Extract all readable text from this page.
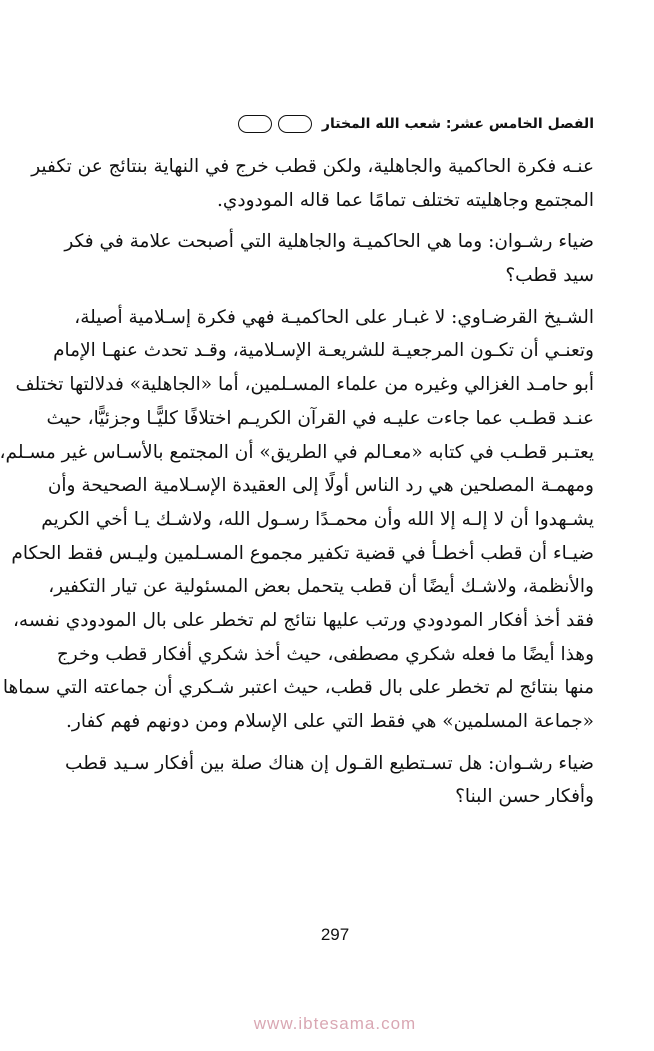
الفصل الخامس عشر: شعب الله المختار
عنـه فكرة الحاكمية والجاهلية، ولكن قطب خرج في النهاية بنتائج عن تكفير
المجتمع وجاهليته تختلف تمامًا عما قاله المودودي.
ضياء رشـوان: وما هي الحاكميـة والجاهلية التي أصبحت علامة في فكر
سيد قطب؟
الشـيخ القرضـاوي: لا غبـار على الحاكميـة فهي فكرة إسـلامية أصيلة،
وتعنـي أن تكـون المرجعيـة للشريعـة الإسـلامية، وقـد تحدث عنهـا الإمام
أبو حامـد الغزالي وغيره من علماء المسـلمين، أما «الجاهلية» فدلالتها تختلف
عنـد قطـب عما جاءت عليـه في القرآن الكريـم اختلافًا كليًّـا وجزئيًّا، حيث
يعتـبر قطـب في كتابه «معـالم في الطريق» أن المجتمع بالأسـاس غير مسـلم،
ومهمـة المصلحين هي رد الناس أولًا إلى العقيدة الإسـلامية الصحيحة وأن
يشـهدوا أن لا إلـه إلا الله وأن محمـدًا رسـول الله، ولاشـك يـا أخي الكريم
ضيـاء أن قطب أخطـأ في قضية تكفير مجموع المسـلمين وليـس فقط الحكام
والأنظمة، ولاشـك أيضًا أن قطب يتحمل بعض المسئولية عن تيار التكفير،
فقد أخذ أفكار المودودي ورتب عليها نتائج لم تخطر على بال المودودي نفسه،
وهذا أيضًا ما فعله شكري مصطفى، حيث أخذ شكري أفكار قطب وخرج
منها بنتائج لم تخطر على بال قطب، حيث اعتبر شـكري أن جماعته التي سماها
«جماعة المسلمين» هي فقط التي على الإسلام ومن دونهم فهم كفار.
ضياء رشـوان: هل تسـتطيع القـول إن هناك صلة بين أفكار سـيد قطب
وأفكار حسن البنا؟
297
www.ibtesama.com
